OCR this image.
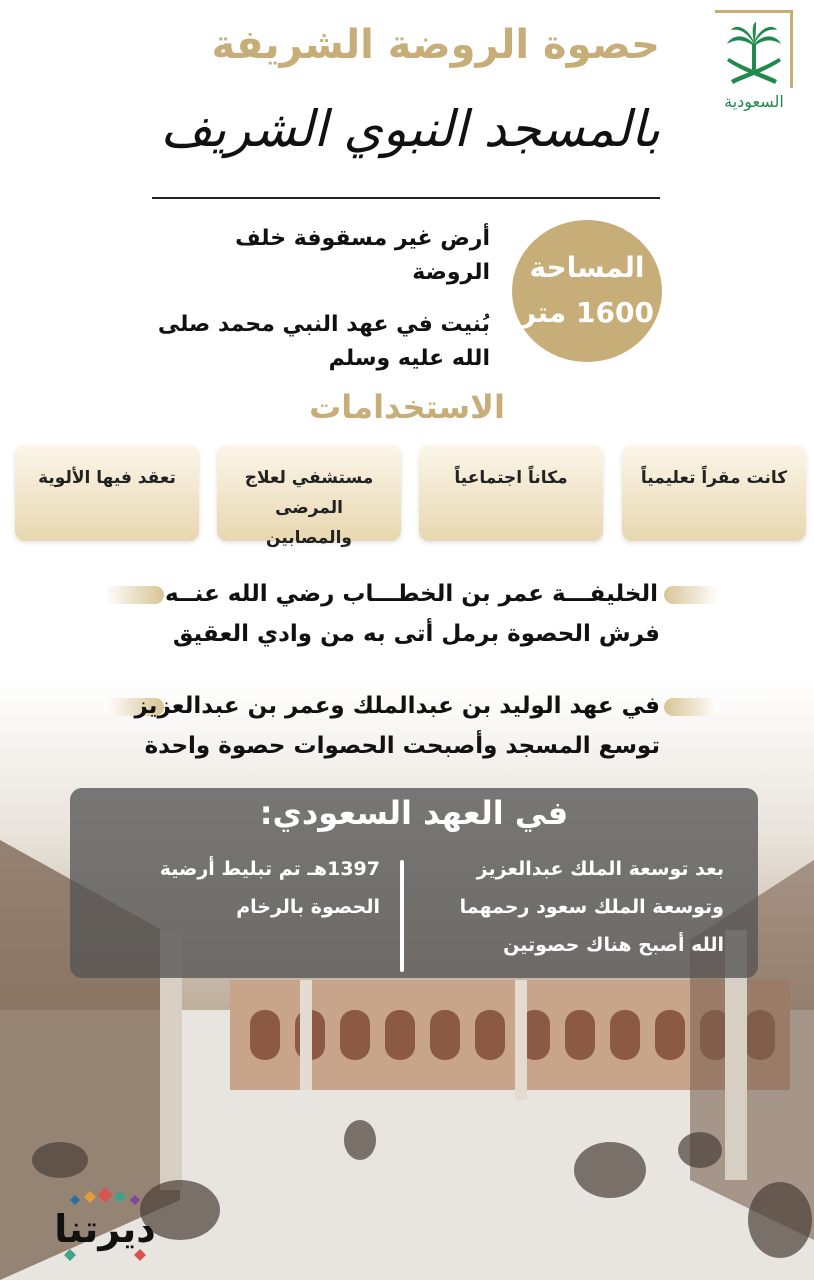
حصوة الروضة الشريفة
بالمسجد النبوي الشريف	السعودية
المساحة
1600 متر

أرض غير مسقوفة خلف الروضة

بُنيت في عهد النبي محمد صلى الله عليه وسلم

الاستخدامات
كانت مقراً تعليمياً
مكاناً اجتماعياً
مستشفي لعلاج المرضى والمصابين
تعقد فيها الألوية
الخليفـــة عمر بن الخطـــاب رضي الله عنــه
فرش الحصوة برمل أتى به من وادي العقيق
في عهد الوليد بن عبدالملك وعمر بن عبدالعزيز
توسع المسجد وأصبحت الحصوات حصوة واحدة
في العهد السعودي:
بعد توسعة الملك عبدالعزيز
وتوسعة الملك سعود رحمهما
الله أصبح هناك حصوتين
1397هـ تم تبليط أرضية
الحصوة بالرخام
ديرتنا
